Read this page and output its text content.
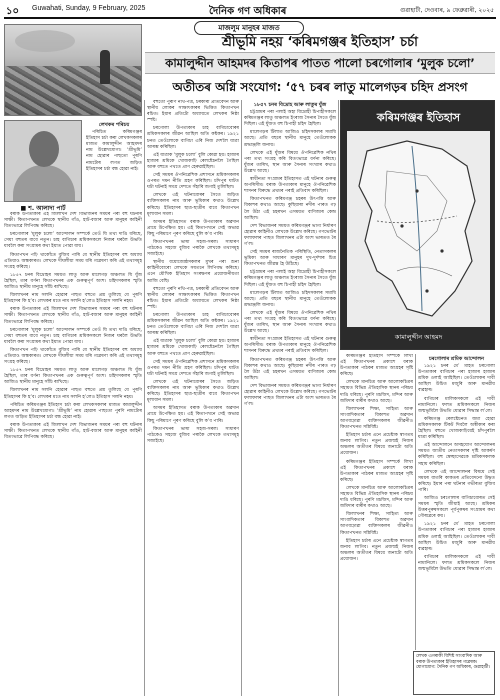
১০ Guwahati, Sunday, 9 February, 2025	দৈনিক গণ অধিকাৰ	গুৱাহাটী, দেওবাৰ, ৯ ফেব্ৰুৱাৰী, ২০২৫
মাজলুম মানুহৰ মাজত
শ্ৰীভূমি নহয় ‘কৰিমগঞ্জৰ ইতিহাস’ চৰ্চা
কামালুদ্দীন আহমদৰ কিতাপৰ পাতত পালো চৰগোলাৰ ‘মুলুক চলো’
অতীতৰ অগ্নি সংযোগ: ‘৫৭ চৰৰ লাতু মালেগড়ৰ চহিদ প্ৰসংগ
■ শ. আলাদা পাৰ্ট

লেখকৰ পৰিচয়

পৰিচিত কৰিমগঞ্জৰ ইতিহাস চৰ্চা কৰা লেখকসকলৰ মাজত কামালুদ্দীন আহমদৰ নাম উল্লেখযোগ্য। ‘শ্ৰীভূমি’ নাম হোৱাৰ পাছতো পুৰণি নামটোৰ লগত জড়িত ইতিহাসৰ চৰ্চা বন্ধ হোৱা নাই।

বৰাক উপত্যকাৰ এই জিলাখন দেশ বিভাজনৰ সময়ৰ পৰা বহু ঘটনাৰ সাক্ষী। কিতাপখনত লেখকে স্থানীয় গাঁও, হাট-বজাৰ আৰু মানুহৰ কাহিনী বিতংভাৱে লিপিবদ্ধ কৰিছে।

চৰগোলাৰ ‘মুলুক চলো’ আন্দোলন সম্পৰ্কে তেওঁ যি তথ্য দাঙি ধৰিছে, সেয়া বহুতৰ বাবে নতুন। চাহ বাগিচাৰ শ্ৰমিকসকলে নিজৰ ঘৰলৈ উভতি যাবলৈ কৰা সংগ্ৰামৰ কথা ইয়াত পোৱা যায়।

কিতাপখন পঢ়ি থাকোঁতে বুজিব পাৰি যে স্থানীয় ইতিহাসৰ বহু অধ্যায় এতিয়াও অন্ধকাৰত। লেখকে দীঘলীয়া সময় ধৰি গৱেষণা কৰি এই তথ্যসমূহ সংগ্ৰহ কৰিছে।

১৮৫৭ চনৰ বিদ্ৰোহৰ সময়ত লাতু আৰু মালেগড় অঞ্চলত যি যুঁজ হৈছিল, তাৰ বৰ্ণনা কিতাপখনৰ এক গুৰুত্বপূৰ্ণ অংশ। চহিদসকলৰ স্মৃতি আজিও স্থানীয় মানুহে সাঁচি ৰাখিছে।

জিলাখনৰ নাম সলনি হোৱাৰ পাছত বহুতে প্ৰশ্ন তুলিছে যে পুৰণি ইতিহাসৰ কি হ’ব। লেখকৰ মতে নাম সলনি হ’লেও ইতিহাস সলনি নহয়।

বৰাক উপত্যকাৰ এই জিলাখন দেশ বিভাজনৰ সময়ৰ পৰা বহু ঘটনাৰ সাক্ষী। কিতাপখনত লেখকে স্থানীয় গাঁও, হাট-বজাৰ আৰু মানুহৰ কাহিনী বিতংভাৱে লিপিবদ্ধ কৰিছে।

চৰগোলাৰ ‘মুলুক চলো’ আন্দোলন সম্পৰ্কে তেওঁ যি তথ্য দাঙি ধৰিছে, সেয়া বহুতৰ বাবে নতুন। চাহ বাগিচাৰ শ্ৰমিকসকলে নিজৰ ঘৰলৈ উভতি যাবলৈ কৰা সংগ্ৰামৰ কথা ইয়াত পোৱা যায়।

কিতাপখন পঢ়ি থাকোঁতে বুজিব পাৰি যে স্থানীয় ইতিহাসৰ বহু অধ্যায় এতিয়াও অন্ধকাৰত। লেখকে দীঘলীয়া সময় ধৰি গৱেষণা কৰি এই তথ্যসমূহ সংগ্ৰহ কৰিছে।

১৮৫৭ চনৰ বিদ্ৰোহৰ সময়ত লাতু আৰু মালেগড় অঞ্চলত যি যুঁজ হৈছিল, তাৰ বৰ্ণনা কিতাপখনৰ এক গুৰুত্বপূৰ্ণ অংশ। চহিদসকলৰ স্মৃতি আজিও স্থানীয় মানুহে সাঁচি ৰাখিছে।

জিলাখনৰ নাম সলনি হোৱাৰ পাছত বহুতে প্ৰশ্ন তুলিছে যে পুৰণি ইতিহাসৰ কি হ’ব। লেখকৰ মতে নাম সলনি হ’লেও ইতিহাস সলনি নহয়।

পৰিচিত কৰিমগঞ্জৰ ইতিহাস চৰ্চা কৰা লেখকসকলৰ মাজত কামালুদ্দীন আহমদৰ নাম উল্লেখযোগ্য। ‘শ্ৰীভূমি’ নাম হোৱাৰ পাছতো পুৰণি নামটোৰ লগত জড়িত ইতিহাসৰ চৰ্চা বন্ধ হোৱা নাই।

বৰাক উপত্যকাৰ এই জিলাখন দেশ বিভাজনৰ সময়ৰ পৰা বহু ঘটনাৰ সাক্ষী। কিতাপখনত লেখকে স্থানীয় গাঁও, হাট-বজাৰ আৰু মানুহৰ কাহিনী বিতংভাৱে লিপিবদ্ধ কৰিছে।

বহুতো পুৰণি নথি-পত্ৰ, চৰকাৰী প্ৰতিবেদন আৰু স্থানীয় লোকৰ সাক্ষাৎকাৰৰ ভিত্তিত কিতাপখন ৰচিত। ইয়াৰ প্ৰতিটো অধ্যায়তে লেখকৰ নিষ্ঠা স্পষ্ট।

চৰগোলা উপত্যকাৰ চাহ বাগিচাবোৰৰ শ্ৰমিকসকলৰ জীৱন আছিল অতি কষ্টকৰ। ১৯২১ চনত তেওঁলোকে বাগিচা এৰি নিজ দেশলৈ যাত্ৰা আৰম্ভ কৰিছিল।

এই যাত্ৰাক ‘মুলুক চলো’ বুলি কোৱা হয়। হাজাৰ হাজাৰ শ্ৰমিকে খোজকাঢ়ি ৰেলষ্টেচনলৈ গৈছিল আৰু বহুতে পথতে প্ৰাণ হেৰুৱাইছিল।

সেই সময়ৰ ঔপনিৱেশিক প্ৰশাসনে শ্ৰমিকসকলৰ ওপৰত দমন নীতি গ্ৰহণ কৰিছিল। চাঁদপুৰ ঘাটত ঘটা ঘটনাই সমগ্ৰ দেশতে সঁহাৰি জগাই তুলিছিল।

লেখকে এই ঘটনাবোৰৰ সৈতে জড়িত ব্যক্তিসকলৰ নাম আৰু ভূমিকাৰ কথাও উল্লেখ কৰিছে। ইতিহাসৰ ছাত্ৰ-ছাত্ৰীৰ বাবে কিতাপখন মূল্যবান সমল।

অসমৰ ইতিহাসত বৰাক উপত্যকাৰ অৱদান প্ৰায়ে উপেক্ষিত হয়। এই কিতাপখনে সেই অভাৱ কিছু পৰিমাণে পূৰণ কৰিছে বুলি ক’ব পাৰি।

কিতাপখনৰ ভাষা সহজ-সৰল। সাধাৰণ পাঠকেও সহজে বুজিব পৰাকৈ লেখকে তথ্যসমূহ সজাইছে।

স্থানীয় বয়োজ্যেষ্ঠসকলৰ মুখৰ পৰা শুনা কাহিনীবোৰো লেখকে সযতনে লিপিবদ্ধ কৰিছে। এনে মৌখিক ইতিহাস সংৰক্ষণৰ প্ৰয়োজনীয়তা আজি বেছি।

বহুতো পুৰণি নথি-পত্ৰ, চৰকাৰী প্ৰতিবেদন আৰু স্থানীয় লোকৰ সাক্ষাৎকাৰৰ ভিত্তিত কিতাপখন ৰচিত। ইয়াৰ প্ৰতিটো অধ্যায়তে লেখকৰ নিষ্ঠা স্পষ্ট।

চৰগোলা উপত্যকাৰ চাহ বাগিচাবোৰৰ শ্ৰমিকসকলৰ জীৱন আছিল অতি কষ্টকৰ। ১৯২১ চনত তেওঁলোকে বাগিচা এৰি নিজ দেশলৈ যাত্ৰা আৰম্ভ কৰিছিল।

এই যাত্ৰাক ‘মুলুক চলো’ বুলি কোৱা হয়। হাজাৰ হাজাৰ শ্ৰমিকে খোজকাঢ়ি ৰেলষ্টেচনলৈ গৈছিল আৰু বহুতে পথতে প্ৰাণ হেৰুৱাইছিল।

সেই সময়ৰ ঔপনিৱেশিক প্ৰশাসনে শ্ৰমিকসকলৰ ওপৰত দমন নীতি গ্ৰহণ কৰিছিল। চাঁদপুৰ ঘাটত ঘটা ঘটনাই সমগ্ৰ দেশতে সঁহাৰি জগাই তুলিছিল।

লেখকে এই ঘটনাবোৰৰ সৈতে জড়িত ব্যক্তিসকলৰ নাম আৰু ভূমিকাৰ কথাও উল্লেখ কৰিছে। ইতিহাসৰ ছাত্ৰ-ছাত্ৰীৰ বাবে কিতাপখন মূল্যবান সমল।

অসমৰ ইতিহাসত বৰাক উপত্যকাৰ অৱদান প্ৰায়ে উপেক্ষিত হয়। এই কিতাপখনে সেই অভাৱ কিছু পৰিমাণে পূৰণ কৰিছে বুলি ক’ব পাৰি।

কিতাপখনৰ ভাষা সহজ-সৰল। সাধাৰণ পাঠকেও সহজে বুজিব পৰাকৈ লেখকে তথ্যসমূহ সজাইছে।

১৮৫৭ চনৰ বিদ্ৰোহ আৰু লাতুৰ যুঁজ

চট্টগ্ৰামৰ পৰা পলাই অহা বিদ্ৰোহী চিপাহীসকলে কৰিমগঞ্জৰ লাতু অঞ্চলত ইংৰাজ সৈন্যৰ সৈতে যুঁজ দিছিল। এই যুঁজত বহু চিপাহী চহিদ হৈছিল।

মালেগড়ৰ টিলাত আজিও চহিদসকলৰ সমাধি আছে। প্ৰতি বছৰে স্থানীয় মানুহে তেওঁলোকক শ্ৰদ্ধাঞ্জলি জনায়।

লেখকে এই যুঁজৰ বিষয়ে ঔপনিৱেশিক নথিৰ পৰা তথ্য সংগ্ৰহ কৰি বিতংভাৱে বৰ্ণনা কৰিছে। যুঁজৰ তাৰিখ, স্থান আৰু সৈন্যৰ সংখ্যাৰ কথাও উল্লেখ আছে।

স্বাধীনতা সংগ্ৰামৰ ইতিহাসত এই ঘটনাৰ গুৰুত্ব অপৰিসীম। বৰাক উপত্যকাৰ মানুহে ঔপনিৱেশিক শাসনৰ বিৰুদ্ধে প্ৰথমৰ পৰাই প্ৰতিবাদ কৰিছিল।

কিতাপখনত কৰিমগঞ্জ চহৰৰ উৎপত্তি আৰু বিকাশৰ কথাও আছে। কুছিয়াৰা নদীৰ পাৰত গঢ় লৈ উঠা এই চহৰখন এসময়ত বাণিজ্যৰ কেন্দ্ৰ আছিল।

দেশ বিভাজনৰ সময়ত কৰিমগঞ্জৰ ভাগ্য নিৰ্ধাৰণ হোৱাৰ কাহিনীও লেখকে উল্লেখ কৰিছে। গণভোটৰ ফলাফলৰ পাছত জিলাখনৰ এটা অংশ ভাৰতত ৰৈ গ’ল।

সেই সময়ৰ ৰাজনৈতিক পৰিস্থিতি, নেতাসকলৰ ভূমিকা আৰু সাধাৰণ মানুহৰ দুখ-দুৰ্দশাৰ চিত্ৰ কিতাপখনত জীৱন্ত হৈ উঠিছে।

চট্টগ্ৰামৰ পৰা পলাই অহা বিদ্ৰোহী চিপাহীসকলে কৰিমগঞ্জৰ লাতু অঞ্চলত ইংৰাজ সৈন্যৰ সৈতে যুঁজ দিছিল। এই যুঁজত বহু চিপাহী চহিদ হৈছিল।

মালেগড়ৰ টিলাত আজিও চহিদসকলৰ সমাধি আছে। প্ৰতি বছৰে স্থানীয় মানুহে তেওঁলোকক শ্ৰদ্ধাঞ্জলি জনায়।

লেখকে এই যুঁজৰ বিষয়ে ঔপনিৱেশিক নথিৰ পৰা তথ্য সংগ্ৰহ কৰি বিতংভাৱে বৰ্ণনা কৰিছে। যুঁজৰ তাৰিখ, স্থান আৰু সৈন্যৰ সংখ্যাৰ কথাও উল্লেখ আছে।

স্বাধীনতা সংগ্ৰামৰ ইতিহাসত এই ঘটনাৰ গুৰুত্ব অপৰিসীম। বৰাক উপত্যকাৰ মানুহে ঔপনিৱেশিক শাসনৰ বিৰুদ্ধে প্ৰথমৰ পৰাই প্ৰতিবাদ কৰিছিল।

কিতাপখনত কৰিমগঞ্জ চহৰৰ উৎপত্তি আৰু বিকাশৰ কথাও আছে। কুছিয়াৰা নদীৰ পাৰত গঢ় লৈ উঠা এই চহৰখন এসময়ত বাণিজ্যৰ কেন্দ্ৰ আছিল।

দেশ বিভাজনৰ সময়ত কৰিমগঞ্জৰ ভাগ্য নিৰ্ধাৰণ হোৱাৰ কাহিনীও লেখকে উল্লেখ কৰিছে। গণভোটৰ ফলাফলৰ পাছত জিলাখনৰ এটা অংশ ভাৰতত ৰৈ গ’ল।

কৰিমগঞ্জৰ ইতিহাস
কামালুদ্দীন আহমদ

কৰিমগঞ্জৰ ইতিহাস সম্পৰ্কে লিখা এই কিতাপখনৰ প্ৰকাশে বৰাক উপত্যকাৰ পাঠকৰ মাজত আগ্ৰহৰ সৃষ্টি কৰিছে।

লেখকে মানচিত্ৰ আৰু আলোকচিত্ৰৰ সহায়ত বিভিন্ন ঐতিহাসিক স্থানৰ পৰিচয় দাঙি ধৰিছে। পুৰণি মচজিদ, মন্দিৰ আৰু জমিদাৰ বাৰীৰ কথাও আছে।

জিলাখনৰ শিক্ষা, সাহিত্য আৰু সাংবাদিকতাৰ বিকাশত অৱদান আগবঢ়োৱা ব্যক্তিসকলৰ জীৱনীও কিতাপখনত সন্নিবিষ্ট।

ইতিহাস চৰ্চাৰ এনে প্ৰচেষ্টাক স্বাগতম জনাব লাগিব। নতুন প্ৰজন্মই নিজৰ অঞ্চলৰ অতীতৰ বিষয়ে জনাটো অতি প্ৰয়োজন।

কৰিমগঞ্জৰ ইতিহাস সম্পৰ্কে লিখা এই কিতাপখনৰ প্ৰকাশে বৰাক উপত্যকাৰ পাঠকৰ মাজত আগ্ৰহৰ সৃষ্টি কৰিছে।

লেখকে মানচিত্ৰ আৰু আলোকচিত্ৰৰ সহায়ত বিভিন্ন ঐতিহাসিক স্থানৰ পৰিচয় দাঙি ধৰিছে। পুৰণি মচজিদ, মন্দিৰ আৰু জমিদাৰ বাৰীৰ কথাও আছে।

জিলাখনৰ শিক্ষা, সাহিত্য আৰু সাংবাদিকতাৰ বিকাশত অৱদান আগবঢ়োৱা ব্যক্তিসকলৰ জীৱনীও কিতাপখনত সন্নিবিষ্ট।

ইতিহাস চৰ্চাৰ এনে প্ৰচেষ্টাক স্বাগতম জনাব লাগিব। নতুন প্ৰজন্মই নিজৰ অঞ্চলৰ অতীতৰ বিষয়ে জনাটো অতি প্ৰয়োজন।

চৰগোলাৰ শ্ৰমিক আন্দোলন

১৯২১ চনৰ মে’ মাহত চৰগোলা উপত্যকাৰ বাগিচাৰ পৰা হাজাৰ হাজাৰ শ্ৰমিক ওলাই আহিছিল। তেওঁলোকৰ দাবী আছিল উচিত মজুৰি আৰু মানৱীয় ব্যৱহাৰ।

বাগিচাৰ মালিকসকলে এই দাবী নামানিলে। ফলত শ্ৰমিকসকলে নিজৰ জন্মভূমিলৈ উভতি যোৱাৰ সিদ্ধান্ত ল’লে।

কৰিমগঞ্জ ৰেলষ্টেচনত জমা হোৱা শ্ৰমিকসকলক টিকট দিবলৈ অস্বীকাৰ কৰা হৈছিল। বহুতে খোজকাঢ়িয়েই চাঁদপুৰলৈ যাত্ৰা কৰিছিল।

এই আন্দোলনে অসহযোগ আন্দোলনৰ সময়ত জাতীয় নেতাসকলৰ দৃষ্টি আকৰ্ষণ কৰিছিল। বহু স্বেচ্ছাসেৱকে শ্ৰমিকসকলক সহায় কৰিছিল।

লেখকে এই আন্দোলনৰ বিষয়ে সেই সময়ৰ বাতৰি কাকতৰ প্ৰতিবেদনো উদ্ধৃত কৰিছে। ইয়াৰ পৰা ঘটনাৰ গভীৰতা বুজিব পাৰি।

আজিও চৰগোলাৰ বাগিচাবোৰত সেই সময়ৰ স্মৃতি জীয়াই আছে। শ্ৰমিকৰ উত্তৰপুৰুষসকলে পূৰ্বপুৰুষৰ সংগ্ৰামৰ কথা গৌৰৱেৰে কয়।

১৯২১ চনৰ মে’ মাহত চৰগোলা উপত্যকাৰ বাগিচাৰ পৰা হাজাৰ হাজাৰ শ্ৰমিক ওলাই আহিছিল। তেওঁলোকৰ দাবী আছিল উচিত মজুৰি আৰু মানৱীয় ব্যৱহাৰ।

বাগিচাৰ মালিকসকলে এই দাবী নামানিলে। ফলত শ্ৰমিকসকলে নিজৰ জন্মভূমিলৈ উভতি যোৱাৰ সিদ্ধান্ত ল’লে।

লেখক এগৰাকী বিশিষ্ট সাংবাদিক আৰু বৰাক উপত্যকাৰ ইতিহাসৰ গৱেষক। যোগাযোগ: দৈনিক গণ অধিকাৰ, গুৱাহাটী।
